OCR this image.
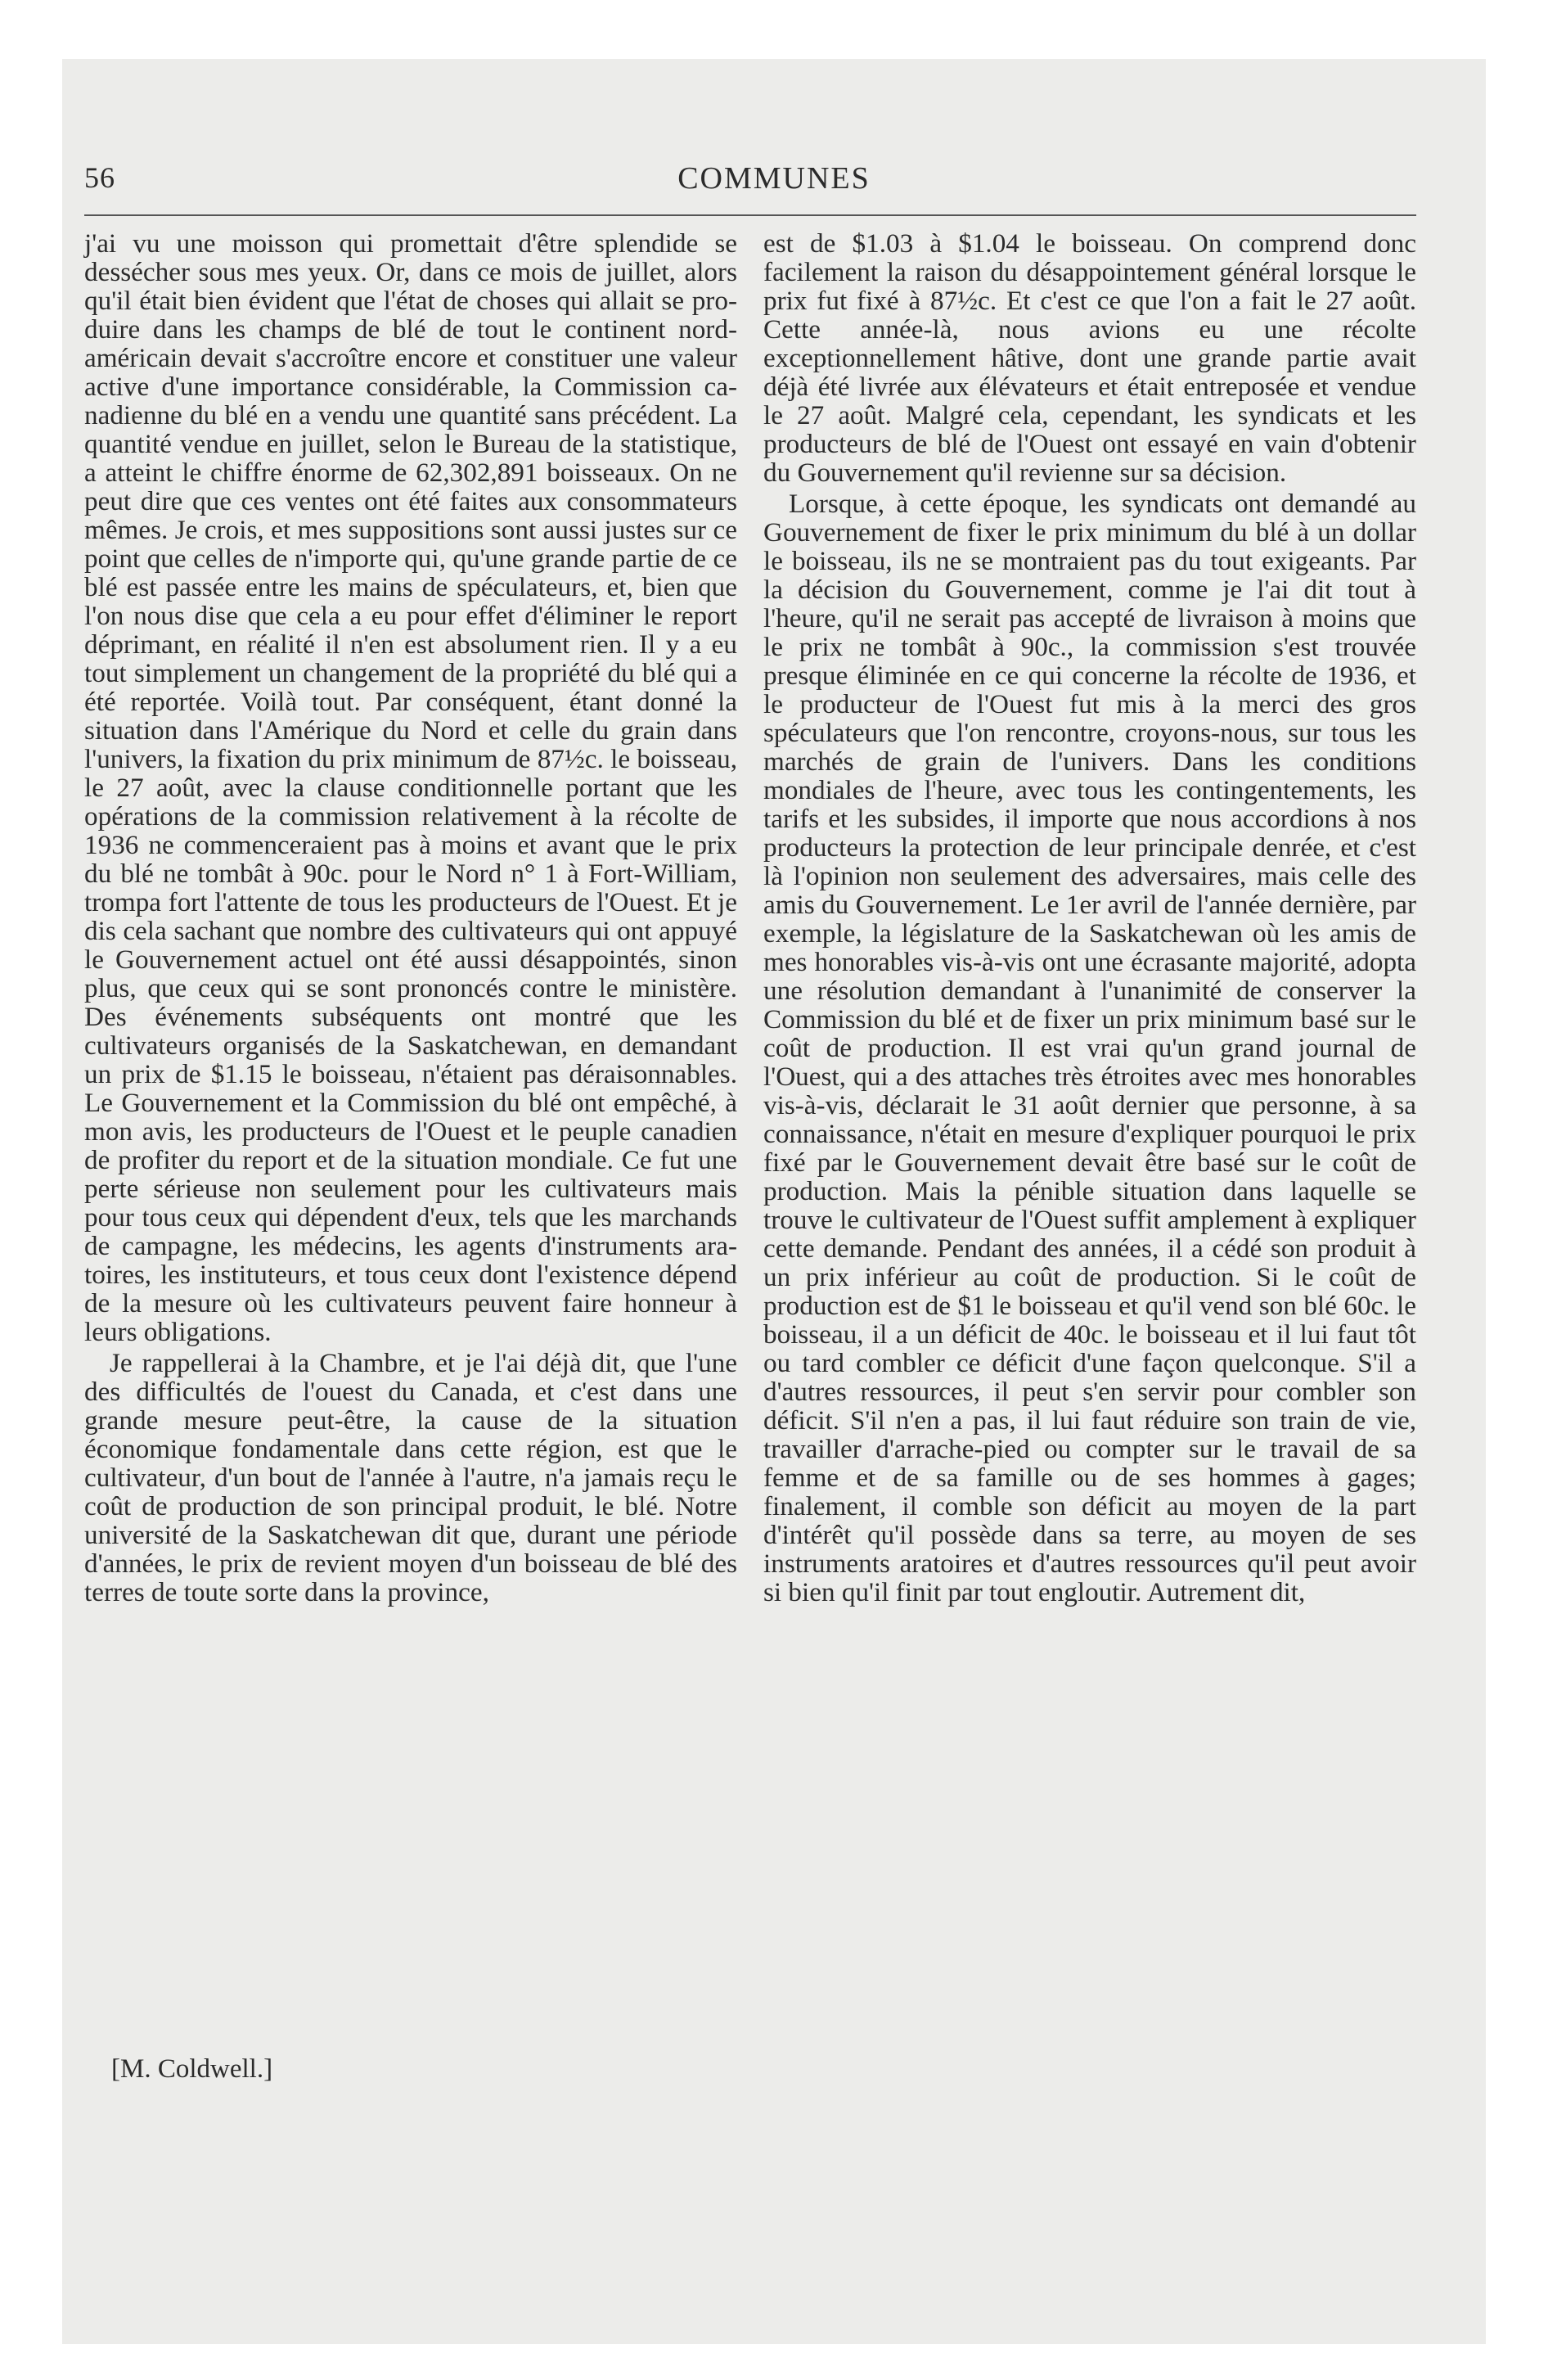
56	COMMUNES

j'ai vu une moisson qui promettait d'être splendide se dessécher sous mes yeux. Or, dans ce mois de juillet, alors qu'il était bien évident que l'état de choses qui allait se produire dans les champs de blé de tout le continent nord-américain devait s'accroître encore et constituer une valeur active d'une importance considérable, la Commission canadienne du blé en a vendu une quantité sans précédent. La quantité vendue en juillet, selon le Bureau de la statistique, a atteint le chiffre énorme de 62,302,891 boisseaux. On ne peut dire que ces ventes ont été faites aux consommateurs mêmes. Je crois, et mes suppositions sont aussi justes sur ce point que celles de n'importe qui, qu'une grande partie de ce blé est passée entre les mains de spéculateurs, et, bien que l'on nous dise que cela a eu pour effet d'éliminer le report déprimant, en réalité il n'en est absolument rien. Il y a eu tout simplement un changement de la propriété du blé qui a été reportée. Voilà tout. Par conséquent, étant donné la situation dans l'Amérique du Nord et celle du grain dans l'univers, la fixation du prix minimum de 87½c. le boisseau, le 27 août, avec la clause conditionnelle portant que les opérations de la commission relativement à la récolte de 1936 ne commenceraient pas à moins et avant que le prix du blé ne tombât à 90c. pour le Nord n° 1 à Fort-William, trompa fort l'attente de tous les producteurs de l'Ouest. Et je dis cela sachant que nombre des cultivateurs qui ont appuyé le Gouvernement actuel ont été aussi désappointés, sinon plus, que ceux qui se sont prononcés contre le ministère. Des événements subséquents ont montré que les cultivateurs organisés de la Saskatchewan, en demandant un prix de $1.15 le boisseau, n'étaient pas déraisonnables. Le Gouvernement et la Commission du blé ont empêché, à mon avis, les producteurs de l'Ouest et le peuple canadien de profiter du report et de la situation mondiale. Ce fut une perte sérieuse non seulement pour les cultivateurs mais pour tous ceux qui dépendent d'eux, tels que les marchands de campagne, les médecins, les agents d'instruments aratoires, les instituteurs, et tous ceux dont l'existence dépend de la mesure où les cultivateurs peuvent faire honneur à leurs obligations.

Je rappellerai à la Chambre, et je l'ai déjà dit, que l'une des difficultés de l'ouest du Canada, et c'est dans une grande mesure peut-être, la cause de la situation économique fondamentale dans cette région, est que le cultivateur, d'un bout de l'année à l'autre, n'a jamais reçu le coût de production de son principal produit, le blé. Notre université de la Saskatchewan dit que, durant une période d'années, le prix de revient moyen d'un boisseau de blé des terres de toute sorte dans la province,

[M. Coldwell.]

est de $1.03 à $1.04 le boisseau. On comprend donc facilement la raison du désappointement général lorsque le prix fut fixé à 87½c. Et c'est ce que l'on a fait le 27 août. Cette année-là, nous avions eu une récolte exceptionnellement hâtive, dont une grande partie avait déjà été livrée aux élévateurs et était entreposée et vendue le 27 août. Malgré cela, cependant, les syndicats et les producteurs de blé de l'Ouest ont essayé en vain d'obtenir du Gouvernement qu'il revienne sur sa décision.

Lorsque, à cette époque, les syndicats ont demandé au Gouvernement de fixer le prix minimum du blé à un dollar le boisseau, ils ne se montraient pas du tout exigeants. Par la décision du Gouvernement, comme je l'ai dit tout à l'heure, qu'il ne serait pas accepté de livraison à moins que le prix ne tombât à 90c., la commission s'est trouvée presque éliminée en ce qui concerne la récolte de 1936, et le producteur de l'Ouest fut mis à la merci des gros spéculateurs que l'on rencontre, croyons-nous, sur tous les marchés de grain de l'univers. Dans les conditions mondiales de l'heure, avec tous les contingentements, les tarifs et les subsides, il importe que nous accordions à nos producteurs la protection de leur principale denrée, et c'est là l'opinion non seulement des adversaires, mais celle des amis du Gouvernement. Le 1er avril de l'année dernière, par exemple, la législature de la Saskatchewan où les amis de mes honorables vis-à-vis ont une écrasante majorité, adopta une résolution demandant à l'unanimité de conserver la Commission du blé et de fixer un prix minimum basé sur le coût de production. Il est vrai qu'un grand journal de l'Ouest, qui a des attaches très étroites avec mes honorables vis-à-vis, déclarait le 31 août dernier que personne, à sa connaissance, n'était en mesure d'expliquer pourquoi le prix fixé par le Gouvernement devait être basé sur le coût de production. Mais la pénible situation dans laquelle se trouve le cultivateur de l'Ouest suffit amplement à expliquer cette demande. Pendant des années, il a cédé son produit à un prix inférieur au coût de production. Si le coût de production est de $1 le boisseau et qu'il vend son blé 60c. le boisseau, il a un déficit de 40c. le boisseau et il lui faut tôt ou tard combler ce déficit d'une façon quelconque. S'il a d'autres ressources, il peut s'en servir pour combler son déficit. S'il n'en a pas, il lui faut réduire son train de vie, travailler d'arrache-pied ou compter sur le travail de sa femme et de sa famille ou de ses hommes à gages; finalement, il comble son déficit au moyen de la part d'intérêt qu'il possède dans sa terre, au moyen de ses instruments aratoires et d'autres ressources qu'il peut avoir si bien qu'il finit par tout engloutir. Autrement dit,
